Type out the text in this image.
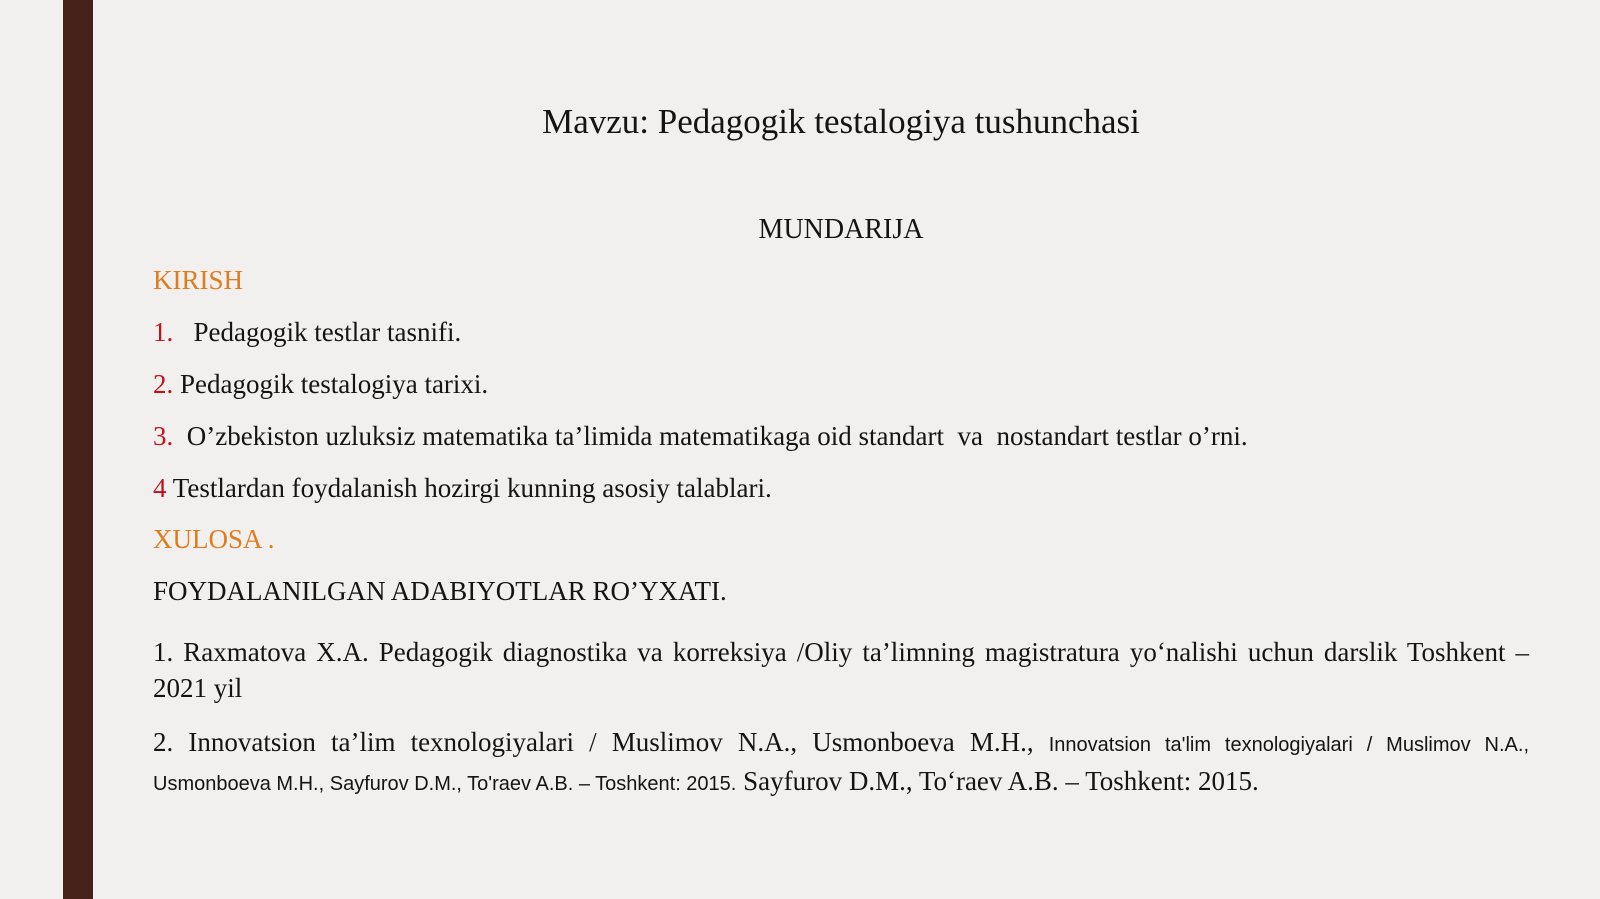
Mavzu: Pedagogik testalogiya tushunchasi
MUNDARIJA
KIRISH
1. Pedagogik testlar tasnifi.
2. Pedagogik testalogiya tarixi.
3. O’zbekiston uzluksiz matematika ta’limida matematikaga oid standart  va  nostandart testlar o’rni.
4 Testlardan foydalanish hozirgi kunning asosiy talablari.
XULOSA .
FOYDALANILGAN ADABIYOTLAR RO’YXATI.
1. Raxmatova X.A. Pedagogik diagnostika va korreksiya /Oliy ta’limning magistratura yo‘nalishi uchun darslik Toshkent – 2021 yil
2. Innovatsion ta’lim texnologiyalari / Muslimov N.A., Usmonboeva M.H., Innovatsion ta'lim texnologiyalari / Muslimov N.A., Usmonboeva M.H., Sayfurov D.M., To'raev A.B. – Toshkent: 2015. Sayfurov D.M., To‘raev A.B. – Toshkent: 2015.
